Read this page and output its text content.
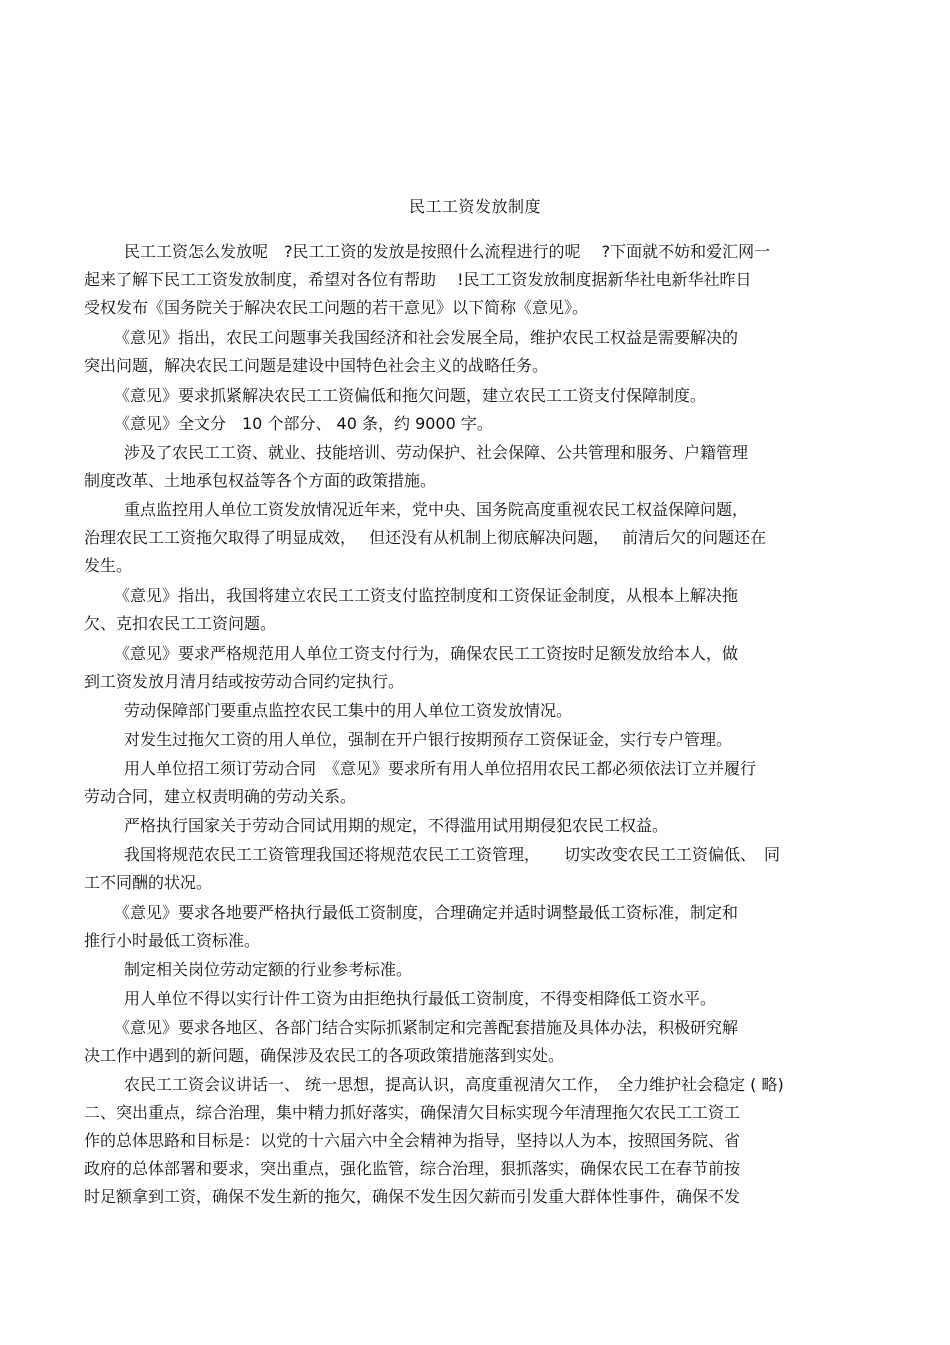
民工工资发放制度
民工工资怎么发放呢　?民工工资的发放是按照什么流程进行的呢　 ?下面就不妨和爱汇网一
起来了解下民工工资发放制度，希望对各位有帮助　 !民工工资发放制度据新华社电新华社昨日
受权发布《国务院关于解决农民工问题的若干意见》以下简称《意见》。
《意见》指出，农民工问题事关我国经济和社会发展全局，维护农民工权益是需要解决的
突出问题，解决农民工问题是建设中国特色社会主义的战略任务。
《意见》要求抓紧解决农民工工资偏低和拖欠问题，建立农民工工资支付保障制度。
《意见》全文分　10 个部分、 40 条，约 9000 字。
涉及了农民工工资、就业、技能培训、劳动保护、社会保障、公共管理和服务、户籍管理
制度改革、土地承包权益等各个方面的政策措施。
重点监控用人单位工资发放情况近年来，党中央、国务院高度重视农民工权益保障问题，
治理农民工工资拖欠取得了明显成效，　 但还没有从机制上彻底解决问题，　 前清后欠的问题还在
发生。
《意见》指出，我国将建立农民工工资支付监控制度和工资保证金制度，从根本上解决拖
欠、克扣农民工工资问题。
《意见》要求严格规范用人单位工资支付行为，确保农民工工资按时足额发放给本人，做
到工资发放月清月结或按劳动合同约定执行。
劳动保障部门要重点监控农民工集中的用人单位工资发放情况。
对发生过拖欠工资的用人单位，强制在开户银行按期预存工资保证金，实行专户管理。
用人单位招工须订劳动合同　《意见》要求所有用人单位招用农民工都必须依法订立并履行
劳动合同，建立权责明确的劳动关系。
严格执行国家关于劳动合同试用期的规定，不得滥用试用期侵犯农民工权益。
我国将规范农民工工资管理我国还将规范农民工工资管理，　　切实改变农民工工资偏低、　同
工不同酬的状况。
《意见》要求各地要严格执行最低工资制度，合理确定并适时调整最低工资标准，制定和
推行小时最低工资标准。
制定相关岗位劳动定额的行业参考标准。
用人单位不得以实行计件工资为由拒绝执行最低工资制度，不得变相降低工资水平。
《意见》要求各地区、各部门结合实际抓紧制定和完善配套措施及具体办法，积极研究解
决工作中遇到的新问题，确保涉及农民工的各项政策措施落到实处。
农民工工资会议讲话一、 统一思想，提高认识，高度重视清欠工作，　全力维护社会稳定 ( 略)
二、突出重点，综合治理，集中精力抓好落实，确保清欠目标实现今年清理拖欠农民工工资工
作的总体思路和目标是：以党的十六届六中全会精神为指导，坚持以人为本，按照国务院、省
政府的总体部署和要求，突出重点，强化监管，综合治理，狠抓落实，确保农民工在春节前按
时足额拿到工资，确保不发生新的拖欠，确保不发生因欠薪而引发重大群体性事件，确保不发
